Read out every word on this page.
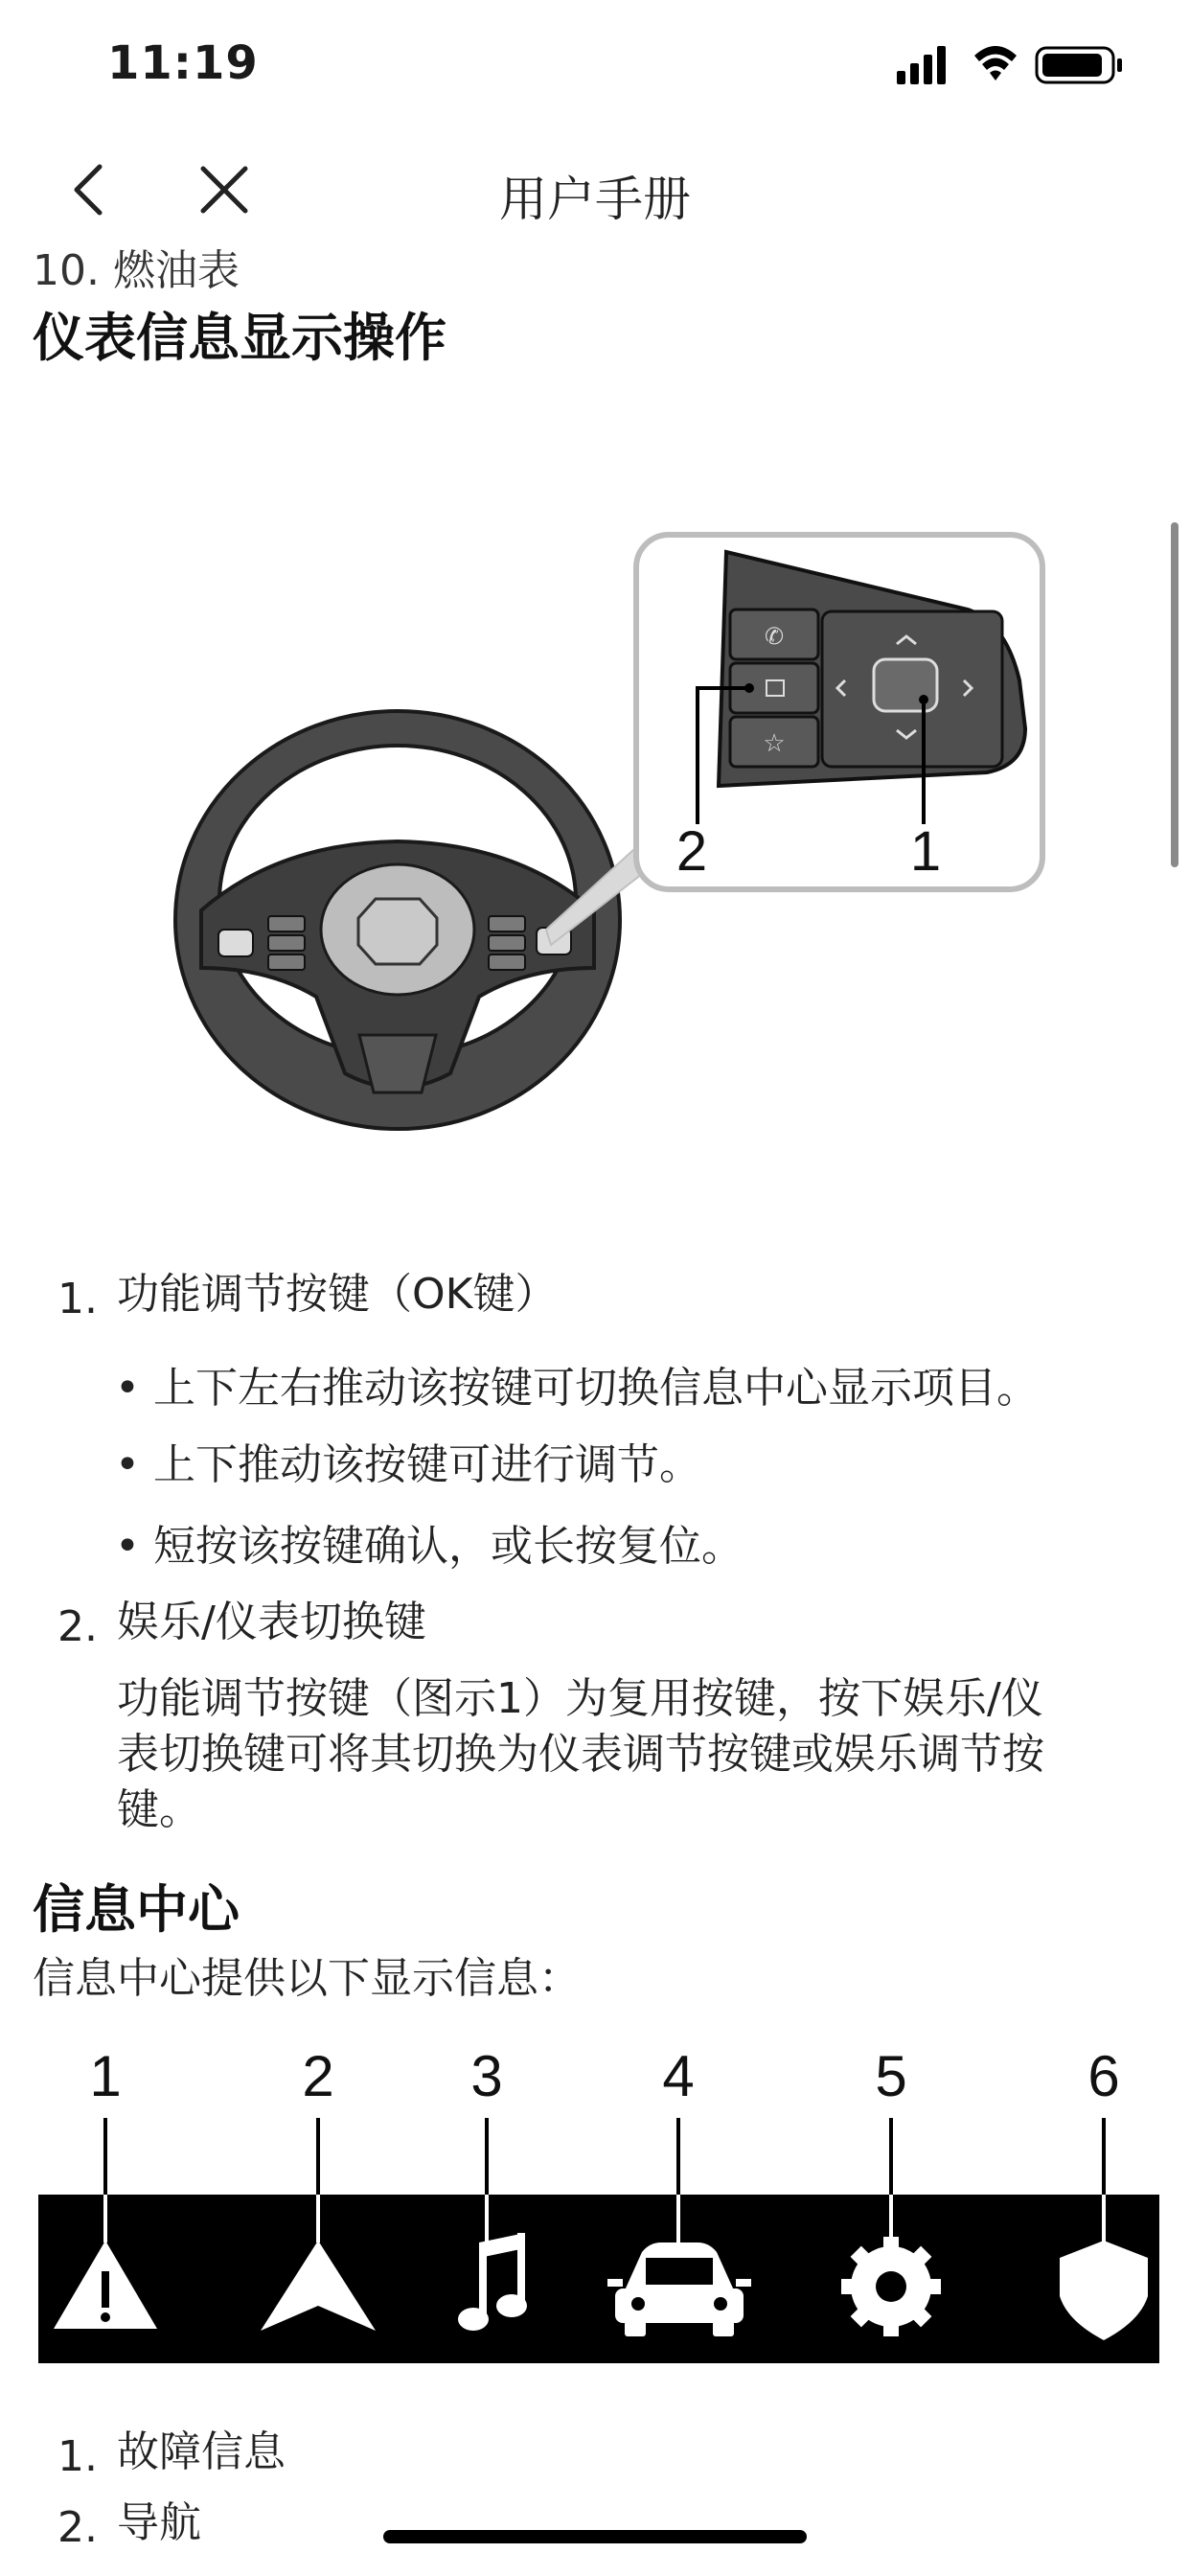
11:19
用户手册
10. 燃油表
仪表信息显示操作
✆
☆
2	1
1. 功能调节按键（OK键）
• 上下左右推动该按键可切换信息中心显示项目。
• 上下推动该按键可进行调节。
• 短按该按键确认，或长按复位。
2. 娱乐/仪表切换键
功能调节按键（图示1）为复用按键，按下娱乐/仪
表切换键可将其切换为仪表调节按键或娱乐调节按
键。
信息中心
信息中心提供以下显示信息：
1	2	3	4	5	6
1. 故障信息
2. 导航
